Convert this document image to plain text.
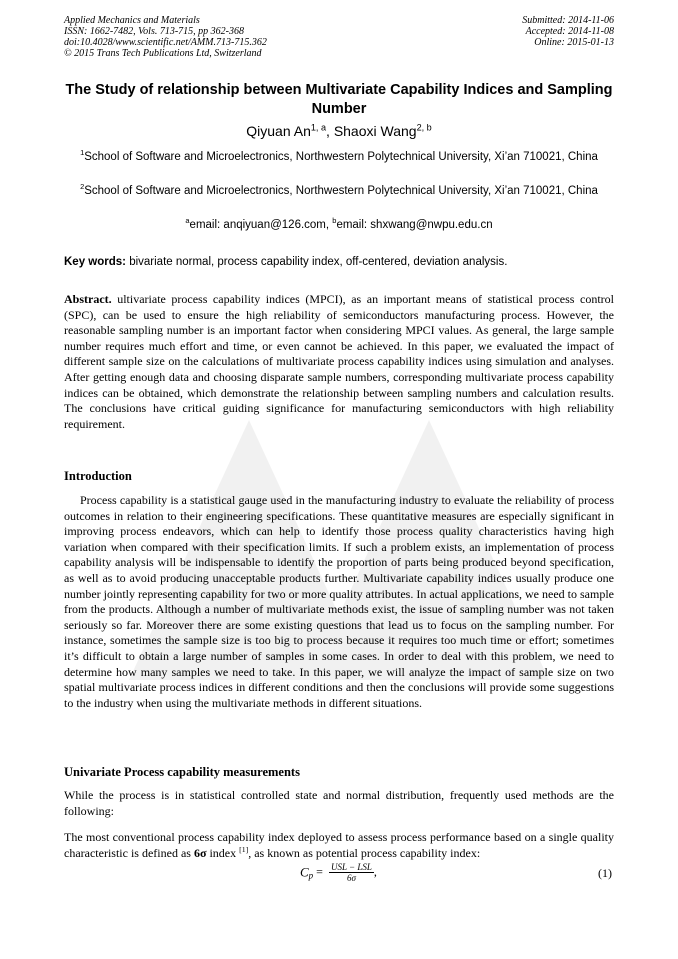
Applied Mechanics and Materials
ISSN: 1662-7482, Vols. 713-715, pp 362-368
doi:10.4028/www.scientific.net/AMM.713-715.362
© 2015 Trans Tech Publications Ltd, Switzerland
Submitted: 2014-11-06
Accepted: 2014-11-08
Online: 2015-01-13
The Study of relationship between Multivariate Capability Indices and Sampling Number
Qiyuan An$^{1, a}$, Shaoxi Wang$^{2, b}$
$^1$School of Software and Microelectronics, Northwestern Polytechnical University, Xi’an 710021, China
$^2$School of Software and Microelectronics, Northwestern Polytechnical University, Xi’an 710021, China
$^a$email: anqiyuan@126.com, $^b$email: shxwang@nwpu.edu.cn
Key words: bivariate normal, process capability index, off-centered, deviation analysis.
Abstract. ultivariate process capability indices (MPCI), as an important means of statistical process control (SPC), can be used to ensure the high reliability of semiconductors manufacturing process. However, the reasonable sampling number is an important factor when considering MPCI values. As general, the large sample number requires much effort and time, or even cannot be achieved. In this paper, we evaluated the impact of different sample size on the calculations of multivariate process capability indices using simulation and analyses. After getting enough data and choosing disparate sample numbers, corresponding multivariate process capability indices can be obtained, which demonstrate the relationship between sampling numbers and calculation results. The conclusions have critical guiding significance for manufacturing semiconductors with high reliability requirement.
Introduction
Process capability is a statistical gauge used in the manufacturing industry to evaluate the reliability of process outcomes in relation to their engineering specifications. These quantitative measures are especially significant in improving process endeavors, which can help to identify those process quality characteristics having high variation when compared with their specification limits. If such a problem exists, an implementation of process capability analysis will be indispensable to identify the proportion of parts being produced beyond specification, as well as to avoid producing unacceptable products further. Multivariate capability indices usually produce one number jointly representing capability for two or more quality attributes. In actual applications, we need to sample from the products. Although a number of multivariate methods exist, the issue of sampling number was not taken seriously so far. Moreover there are some existing questions that lead us to focus on the sampling number. For instance, sometimes the sample size is too big to process because it requires too much time or effort; sometimes it’s difficult to obtain a large number of samples in some cases. In order to deal with this problem, we need to determine how many samples we need to take. In this paper, we will analyze the impact of sample size on two spatial multivariate process indices in different conditions and then the conclusions will provide some suggestions to the industry when using the multivariate methods in different situations.
Univariate Process capability measurements
While the process is in statistical controlled state and normal distribution, frequently used methods are the following:
The most conventional process capability index deployed to assess process performance based on a single quality characteristic is defined as 6σ index [1], as known as potential process capability index:
$C_p = \frac{\text{USL − LSL}}{6\sigma}$ ,	(1)
